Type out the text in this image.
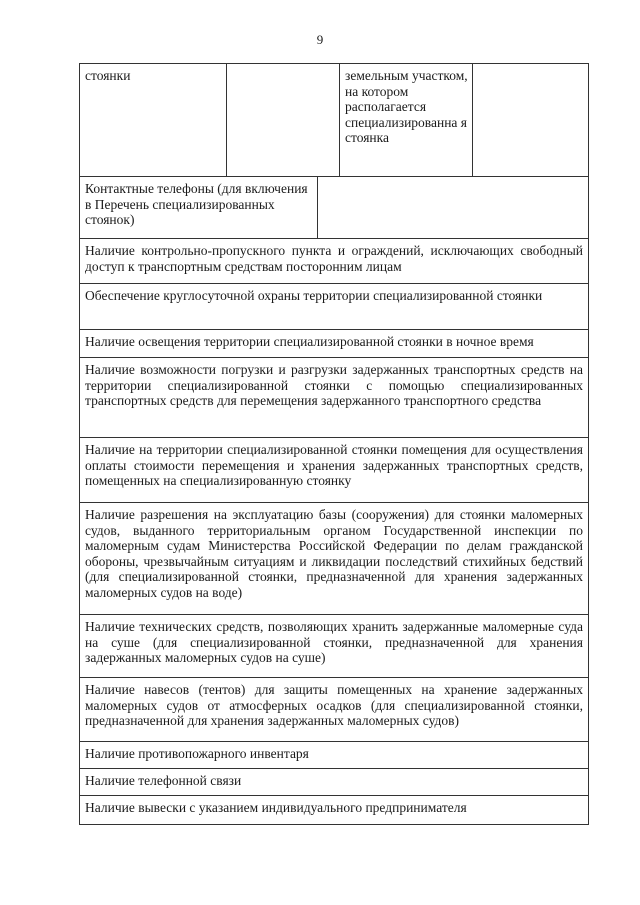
9
стоянки	земельным участком, на котором располагается специализированна я стоянка
Контактные телефоны (для включения в Перечень специализированных стоянок)
Наличие контрольно-пропускного пункта и ограждений, исключающих свободный доступ к транспортным средствам посторонним лицам
Обеспечение круглосуточной охраны территории специализированной стоянки
Наличие освещения территории специализированной стоянки в ночное время
Наличие возможности погрузки и разгрузки задержанных транспортных средств на территории специализированной стоянки с помощью специализированных транспортных средств для перемещения задержанного транспортного средства
Наличие на территории специализированной стоянки помещения для осуществления оплаты стоимости перемещения и хранения задержанных транспортных средств, помещенных на специализированную стоянку
Наличие разрешения на эксплуатацию базы (сооружения) для стоянки маломерных судов, выданного территориальным органом Государственной инспекции по маломерным судам Министерства Российской Федерации по делам гражданской обороны, чрезвычайным ситуациям и ликвидации последствий стихийных бедствий (для специализированной стоянки, предназначенной для хранения задержанных маломерных судов на воде)
Наличие технических средств, позволяющих хранить задержанные маломерные суда на суше (для специализированной стоянки, предназначенной для хранения задержанных маломерных судов на суше)
Наличие навесов (тентов) для защиты помещенных на хранение задержанных маломерных судов от атмосферных осадков (для специализированной стоянки, предназначенной для хранения задержанных маломерных судов)
Наличие противопожарного инвентаря
Наличие телефонной связи
Наличие вывески с указанием индивидуального предпринимателя
